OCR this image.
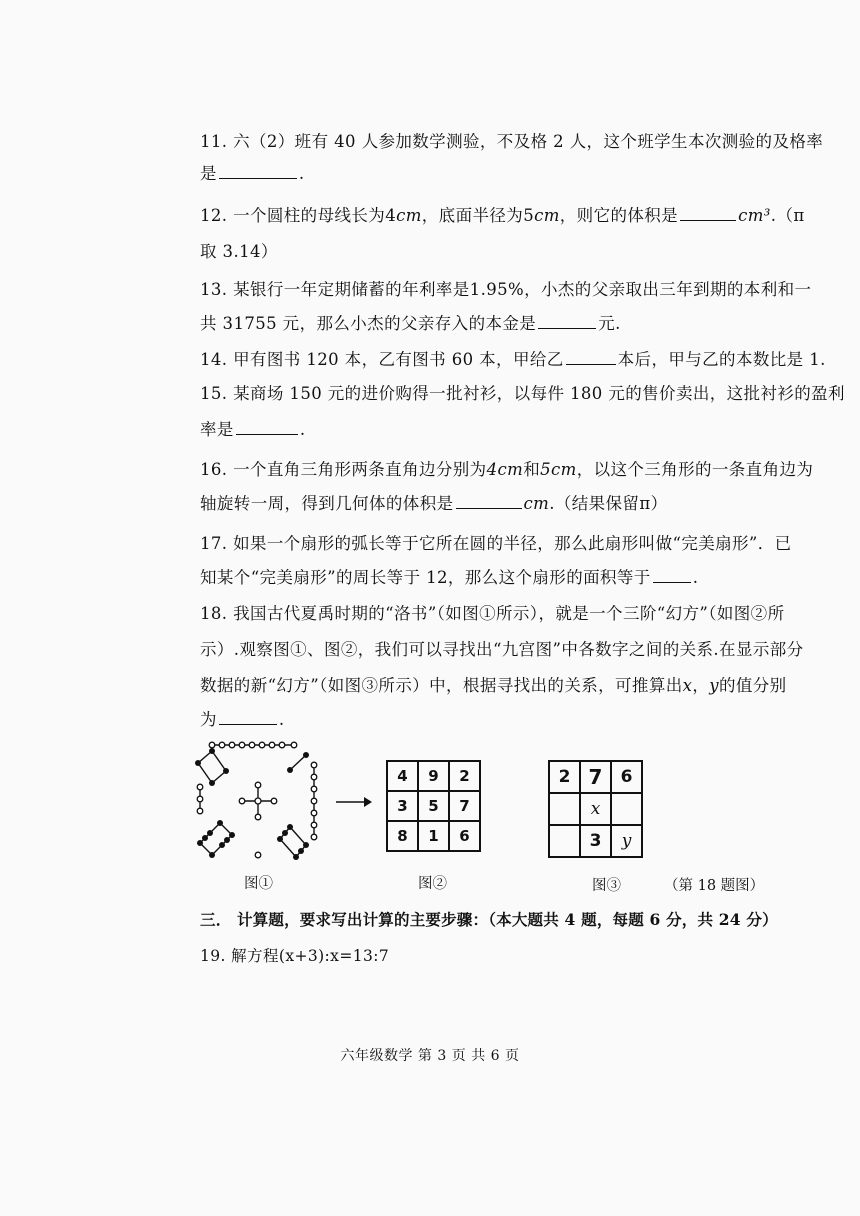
11. 六（2）班有 40 人参加数学测验，不及格 2 人，这个班学生本次测验的及格率
是	.
12. 一个圆柱的母线长为4cm，底面半径为5cm，则它的体积是	cm³.（π
取 3.14）
13. 某银行一年定期储蓄的年利率是1.95%，小杰的父亲取出三年到期的本利和一
共 31755 元，那么小杰的父亲存入的本金是	元.
14. 甲有图书 120 本，乙有图书 60 本，甲给乙	本后，甲与乙的本数比是 1.
15. 某商场 150 元的进价购得一批衬衫，以每件 180 元的售价卖出，这批衬衫的盈利
率是	.
16. 一个直角三角形两条直角边分别为4cm和5cm，以这个三角形的一条直角边为
轴旋转一周，得到几何体的体积是	cm.（结果保留π）
17. 如果一个扇形的弧长等于它所在圆的半径，那么此扇形叫做“完美扇形”．已
知某个“完美扇形”的周长等于 12，那么这个扇形的面积等于	.
18. 我国古代夏禹时期的“洛书”（如图①所示），就是一个三阶“幻方”（如图②所
示）.观察图①、图②，我们可以寻找出“九宫图”中各数字之间的关系.在显示部分
数据的新“幻方”（如图③所示）中，根据寻找出的关系，可推算出x，y的值分别
为	.
4	9	2
3	5	7
8	1	6
2	7	6
	x	
	3	y
图①	图②	图③	（第 18 题图）
三． 计算题，要求写出计算的主要步骤：（本大题共 4 题，每题 6 分，共 24 分）
19. 解方程(x+3):x=13:7
六年级数学 第 3 页 共 6 页
